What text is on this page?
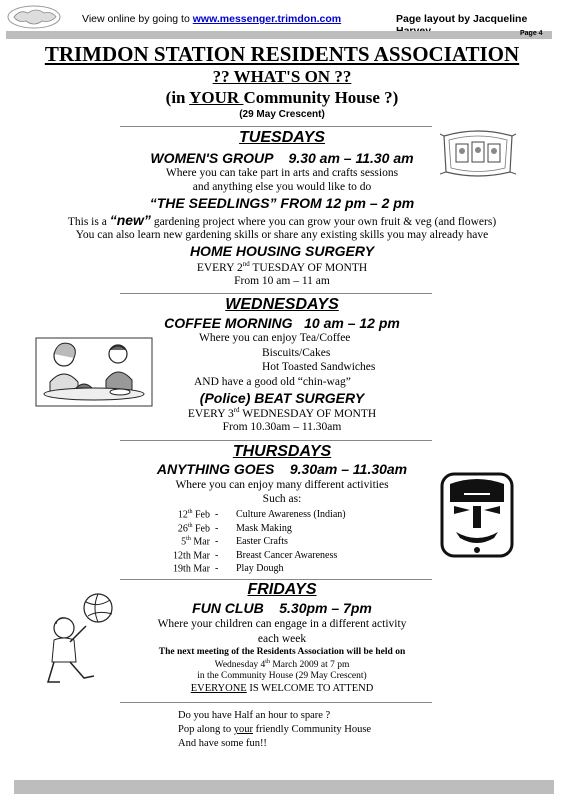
View online by going to www.messenger.trimdon.com	Page layout by Jacqueline
Page 4
TRIMDON STATION RESIDENTS ASSOCIATION
?? WHAT'S ON ??
(in YOUR Community House ?)
(29 May Crescent)
TUESDAYS
WOMEN'S GROUP    9.30 am – 11.30 am
Where you can take part in arts and crafts sessions
and anything else you would like to do
“THE SEEDLINGS” FROM 12 pm – 2 pm
This is a “new” gardening project where you can grow your own fruit & veg (and flowers)
You can also learn new gardening skills or share any existing skills you may already have
HOME HOUSING SURGERY
EVERY 2nd TUESDAY OF MONTH
From 10 am – 11 am
WEDNESDAYS
COFFEE MORNING   10 am – 12 pm
Where you can enjoy Tea/Coffee
Biscuits/Cakes
Hot Toasted Sandwiches
AND have a good old “chin-wag”
(Police) BEAT SURGERY
EVERY 3rd WEDNESDAY OF MONTH
From 10.30am – 11.30am
THURSDAYS
ANYTHING GOES    9.30am – 11.30am
Where you can enjoy many different activities
Such as:
12th Feb - Culture Awareness (Indian)
26th Feb - Mask Making
5th Mar - Easter Crafts
12th Mar - Breast Cancer Awareness
19th Mar - Play Dough
FRIDAYS
FUN CLUB    5.30pm – 7pm
Where your children can engage in a different activity
each week
The next meeting of the Residents Association will be held on
Wednesday 4th March 2009 at 7 pm
in the Community House (29 May Crescent)
EVERYONE IS WELCOME TO ATTEND
Do you have Half an hour to spare ?
Pop along to your friendly Community House
And have some fun!!
